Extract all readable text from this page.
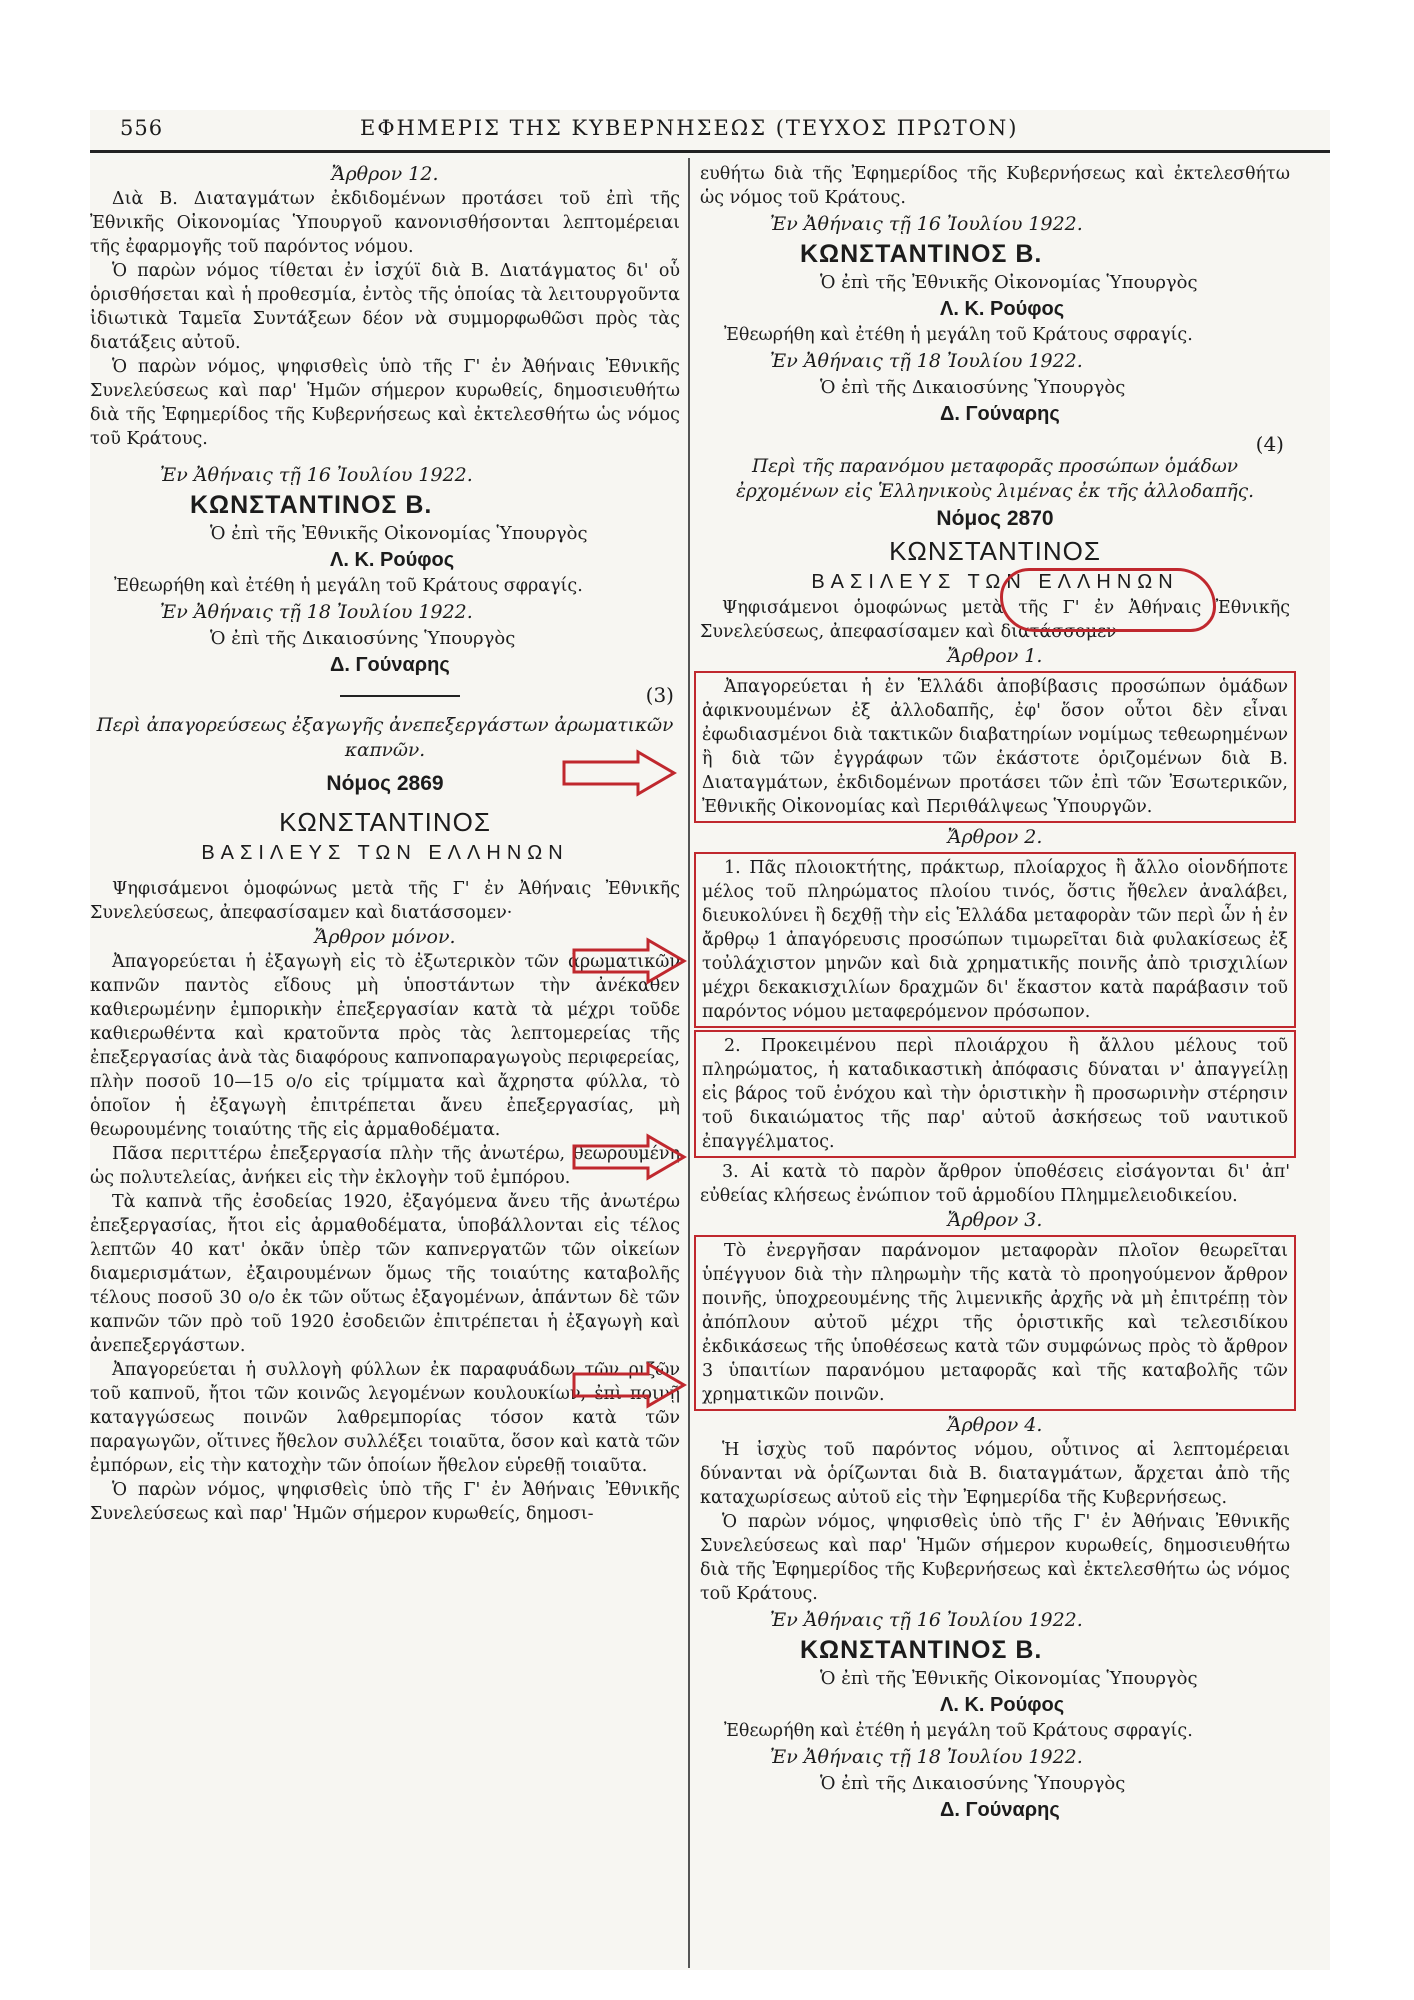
556	ΕΦΗΜΕΡΙΣ ΤΗΣ ΚΥΒΕΡΝΗΣΕΩΣ (ΤΕΥΧΟΣ ΠΡΩΤΟΝ)

Ἄρθρον 12.

Διὰ Β. Διαταγμάτων ἐκδιδομένων προτάσει τοῦ ἐπὶ τῆς Ἐθνικῆς Οἰκονομίας Ὑπουργοῦ κανονισθήσονται λεπτομέρειαι τῆς ἐφαρμογῆς τοῦ παρόντος νόμου.

Ὁ παρὼν νόμος τίθεται ἐν ἰσχύϊ διὰ Β. Διατάγματος δι' οὗ ὁρισθήσεται καὶ ἡ προθεσμία, ἐντὸς τῆς ὁποίας τὰ λειτουργοῦντα ἰδιωτικὰ Ταμεῖα Συντάξεων δέον νὰ συμμορφωθῶσι πρὸς τὰς διατάξεις αὐτοῦ.

Ὁ παρὼν νόμος, ψηφισθεὶς ὑπὸ τῆς Γ' ἐν Ἀθήναις Ἐθνικῆς Συνελεύσεως καὶ παρ' Ἡμῶν σήμερον κυρωθείς, δημοσιευθήτω διὰ τῆς Ἐφημερίδος τῆς Κυβερνήσεως καὶ ἐκτελεσθήτω ὡς νόμος τοῦ Κράτους.

Ἐν Ἀθήναις τῇ 16 Ἰουλίου 1922.

ΚΩΝΣΤΑΝΤΙΝΟΣ Β.

Ὁ ἐπὶ τῆς Ἐθνικῆς Οἰκονομίας Ὑπουργὸς

Λ. Κ. Ρούφος

Ἐθεωρήθη καὶ ἐτέθη ἡ μεγάλη τοῦ Κράτους σφραγίς.

Ἐν Ἀθήναις τῇ 18 Ἰουλίου 1922.

Ὁ ἐπὶ τῆς Δικαιοσύνης Ὑπουργὸς

Δ. Γούναρης

(3)

Περὶ ἀπαγορεύσεως ἐξαγωγῆς ἀνεπεξεργάστων ἀρωματικῶν καπνῶν.

Νόμος 2869

ΚΩΝΣΤΑΝΤΙΝΟΣ

ΒΑΣΙΛΕΥΣ ΤΩΝ ΕΛΛΗΝΩΝ

Ψηφισάμενοι ὁμοφώνως μετὰ τῆς Γ' ἐν Ἀθήναις Ἐθνικῆς Συνελεύσεως, ἀπεφασίσαμεν καὶ διατάσσομεν·

Ἄρθρον μόνον.

Ἀπαγορεύεται ἡ ἐξαγωγὴ εἰς τὸ ἐξωτερικὸν τῶν ἀρωματικῶν καπνῶν παντὸς εἴδους μὴ ὑποστάντων τὴν ἀνέκαθεν καθιερωμένην ἐμπορικὴν ἐπεξεργασίαν κατὰ τὰ μέχρι τοῦδε καθιερωθέντα καὶ κρατοῦντα πρὸς τὰς λεπτομερείας τῆς ἐπεξεργασίας ἀνὰ τὰς διαφόρους καπνοπαραγωγοὺς περιφερείας, πλὴν ποσοῦ 10—15 ο/ο εἰς τρίμματα καὶ ἄχρηστα φύλλα, τὸ ὁποῖον ἡ ἐξαγωγὴ ἐπιτρέπεται ἄνευ ἐπεξεργασίας, μὴ θεωρουμένης τοιαύτης τῆς εἰς ἀρμαθοδέματα.

Πᾶσα περιττέρω ἐπεξεργασία πλὴν τῆς ἀνωτέρω, θεωρουμένη ὡς πολυτελείας, ἀνήκει εἰς τὴν ἐκλογὴν τοῦ ἐμπόρου.

Τὰ καπνὰ τῆς ἐσοδείας 1920, ἐξαγόμενα ἄνευ τῆς ἀνωτέρω ἐπεξεργασίας, ἤτοι εἰς ἀρμαθοδέματα, ὑποβάλλονται εἰς τέλος λεπτῶν 40 κατ' ὀκᾶν ὑπὲρ τῶν καπνεργατῶν τῶν οἰκείων διαμερισμάτων, ἐξαιρουμένων ὅμως τῆς τοιαύτης καταβολῆς τέλους ποσοῦ 30 ο/ο ἐκ τῶν οὕτως ἐξαγομένων, ἁπάντων δὲ τῶν καπνῶν τῶν πρὸ τοῦ 1920 ἐσοδειῶν ἐπιτρέπεται ἡ ἐξαγωγὴ καὶ ἀνεπεξεργάστων.

Ἀπαγορεύεται ἡ συλλογὴ φύλλων ἐκ παραφυάδων τῶν ριζῶν τοῦ καπνοῦ, ἤτοι τῶν κοινῶς λεγομένων κουλουκίων, ἐπὶ ποινῇ καταγγώσεως ποινῶν λαθρεμπορίας τόσον κατὰ τῶν παραγωγῶν, οἵτινες ἤθελον συλλέξει τοιαῦτα, ὅσον καὶ κατὰ τῶν ἐμπόρων, εἰς τὴν κατοχὴν τῶν ὁποίων ἤθελον εὑρεθῇ τοιαῦτα.

Ὁ παρὼν νόμος, ψηφισθεὶς ὑπὸ τῆς Γ' ἐν Ἀθήναις Ἐθνικῆς Συνελεύσεως καὶ παρ' Ἡμῶν σήμερον κυρωθείς, δημοσι-

ευθήτω διὰ τῆς Ἐφημερίδος τῆς Κυβερνήσεως καὶ ἐκτελεσθήτω ὡς νόμος τοῦ Κράτους.

Ἐν Ἀθήναις τῇ 16 Ἰουλίου 1922.

ΚΩΝΣΤΑΝΤΙΝΟΣ Β.

Ὁ ἐπὶ τῆς Ἐθνικῆς Οἰκονομίας Ὑπουργὸς

Λ. Κ. Ρούφος

Ἐθεωρήθη καὶ ἐτέθη ἡ μεγάλη τοῦ Κράτους σφραγίς.

Ἐν Ἀθήναις τῇ 18 Ἰουλίου 1922.

Ὁ ἐπὶ τῆς Δικαιοσύνης Ὑπουργὸς

Δ. Γούναρης

(4)

Περὶ τῆς παρανόμου μεταφορᾶς προσώπων ὁμάδων ἐρχομένων εἰς Ἑλληνικοὺς λιμένας ἐκ τῆς ἀλλοδαπῆς.

Νόμος 2870

ΚΩΝΣΤΑΝΤΙΝΟΣ

ΒΑΣΙΛΕΥΣ ΤΩΝ ΕΛΛΗΝΩΝ

Ψηφισάμενοι ὁμοφώνως μετὰ τῆς Γ' ἐν Ἀθήναις Ἐθνικῆς Συνελεύσεως, ἀπεφασίσαμεν καὶ διατάσσομεν·

Ἄρθρον 1.

Ἀπαγορεύεται ἡ ἐν Ἑλλάδι ἀποβίβασις προσώπων ὁμάδων ἀφικνουμένων ἐξ ἀλλοδαπῆς, ἐφ' ὅσον οὗτοι δὲν εἶναι ἐφωδιασμένοι διὰ τακτικῶν διαβατηρίων νομίμως τεθεωρημένων ἢ διὰ τῶν ἐγγράφων τῶν ἑκάστοτε ὁριζομένων διὰ Β. Διαταγμάτων, ἐκδιδομένων προτάσει τῶν ἐπὶ τῶν Ἐσωτερικῶν, Ἐθνικῆς Οἰκονομίας καὶ Περιθάλψεως Ὑπουργῶν.

Ἄρθρον 2.

1. Πᾶς πλοιοκτήτης, πράκτωρ, πλοίαρχος ἢ ἄλλο οἱονδήποτε μέλος τοῦ πληρώματος πλοίου τινός, ὅστις ἤθελεν ἀναλάβει, διευκολύνει ἢ δεχθῇ τὴν εἰς Ἑλλάδα μεταφορὰν τῶν περὶ ὧν ἡ ἐν ἄρθρῳ 1 ἀπαγόρευσις προσώπων τιμωρεῖται διὰ φυλακίσεως ἐξ τοὐλάχιστον μηνῶν καὶ διὰ χρηματικῆς ποινῆς ἀπὸ τρισχιλίων μέχρι δεκακισχιλίων δραχμῶν δι' ἕκαστον κατὰ παράβασιν τοῦ παρόντος νόμου μεταφερόμενον πρόσωπον.

2. Προκειμένου περὶ πλοιάρχου ἢ ἄλλου μέλους τοῦ πληρώματος, ἡ καταδικαστικὴ ἀπόφασις δύναται ν' ἀπαγγείλῃ εἰς βάρος τοῦ ἐνόχου καὶ τὴν ὁριστικὴν ἢ προσωρινὴν στέρησιν τοῦ δικαιώματος τῆς παρ' αὐτοῦ ἀσκήσεως τοῦ ναυτικοῦ ἐπαγγέλματος.

3. Αἱ κατὰ τὸ παρὸν ἄρθρον ὑποθέσεις εἰσάγονται δι' ἀπ' εὐθείας κλήσεως ἐνώπιον τοῦ ἁρμοδίου Πλημμελειοδικείου.

Ἄρθρον 3.

Τὸ ἐνεργῆσαν παράνομον μεταφορὰν πλοῖον θεωρεῖται ὑπέγγυον διὰ τὴν πληρωμὴν τῆς κατὰ τὸ προηγούμενον ἄρθρον ποινῆς, ὑποχρεουμένης τῆς λιμενικῆς ἀρχῆς νὰ μὴ ἐπιτρέπῃ τὸν ἀπόπλουν αὐτοῦ μέχρι τῆς ὁριστικῆς καὶ τελεσιδίκου ἐκδικάσεως τῆς ὑποθέσεως κατὰ τῶν συμφώνως πρὸς τὸ ἄρθρον 3 ὑπαιτίων παρανόμου μεταφορᾶς καὶ τῆς καταβολῆς τῶν χρηματικῶν ποινῶν.

Ἄρθρον 4.

Ἡ ἰσχὺς τοῦ παρόντος νόμου, οὗτινος αἱ λεπτομέρειαι δύνανται νὰ ὁρίζωνται διὰ Β. διαταγμάτων, ἄρχεται ἀπὸ τῆς καταχωρίσεως αὐτοῦ εἰς τὴν Ἐφημερίδα τῆς Κυβερνήσεως.

Ὁ παρὼν νόμος, ψηφισθεὶς ὑπὸ τῆς Γ' ἐν Ἀθήναις Ἐθνικῆς Συνελεύσεως καὶ παρ' Ἡμῶν σήμερον κυρωθείς, δημοσιευθήτω διὰ τῆς Ἐφημερίδος τῆς Κυβερνήσεως καὶ ἐκτελεσθήτω ὡς νόμος τοῦ Κράτους.

Ἐν Ἀθήναις τῇ 16 Ἰουλίου 1922.

ΚΩΝΣΤΑΝΤΙΝΟΣ Β.

Ὁ ἐπὶ τῆς Ἐθνικῆς Οἰκονομίας Ὑπουργὸς

Λ. Κ. Ρούφος

Ἐθεωρήθη καὶ ἐτέθη ἡ μεγάλη τοῦ Κράτους σφραγίς.

Ἐν Ἀθήναις τῇ 18 Ἰουλίου 1922.

Ὁ ἐπὶ τῆς Δικαιοσύνης Ὑπουργὸς

Δ. Γούναρης
